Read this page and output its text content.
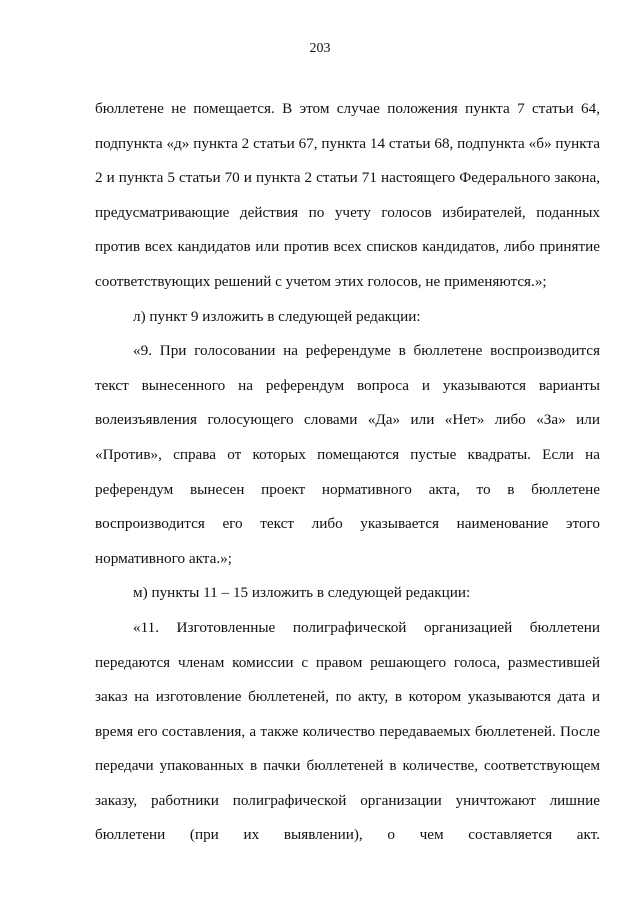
203
бюллетене не помещается. В этом случае положения пункта 7 статьи 64,
подпункта «д» пункта 2 статьи 67, пункта 14 статьи 68, подпункта «б» пункта
2 и пункта 5 статьи 70 и пункта 2 статьи 71 настоящего Федерального закона,
предусматривающие действия по учету голосов избирателей, поданных
против всех кандидатов или против всех списков кандидатов, либо принятие
соответствующих решений с учетом этих голосов, не применяются.»;
л) пункт 9 изложить в следующей редакции:
«9. При голосовании на референдуме в бюллетене воспроизводится
текст вынесенного на референдум вопроса и указываются варианты
волеизъявления голосующего словами «Да» или «Нет» либо «За» или
«Против», справа от которых помещаются пустые квадраты. Если на
референдум вынесен проект нормативного акта, то в бюллетене
воспроизводится его текст либо указывается наименование этого
нормативного акта.»;
м) пункты 11 – 15 изложить в следующей редакции:
«11. Изготовленные полиграфической организацией бюллетени
передаются членам комиссии с правом решающего голоса, разместившей
заказ на изготовление бюллетеней, по акту, в котором указываются дата и
время его составления, а также количество передаваемых бюллетеней. После
передачи упакованных в пачки бюллетеней в количестве, соответствующем
заказу, работники полиграфической организации уничтожают лишние
бюллетени (при их выявлении), о чем составляется акт.
